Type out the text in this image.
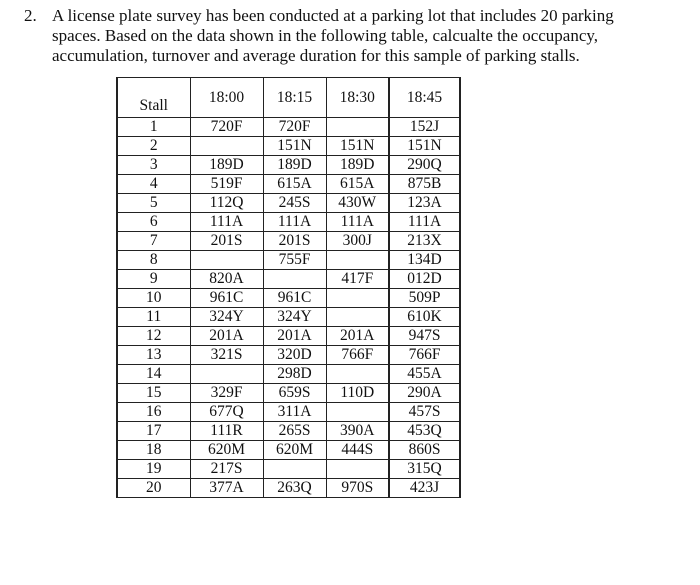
2. A license plate survey has been conducted at a parking lot that includes 20 parking spaces. Based on the data shown in the following table, calcualte the occupancy, accumulation, turnover and average duration for this sample of parking stalls.
Stall	18:00	18:15	18:30	18:45
1	720F	720F		152J
2		151N	151N	151N
3	189D	189D	189D	290Q
4	519F	615A	615A	875B
5	112Q	245S	430W	123A
6	111A	111A	111A	111A
7	201S	201S	300J	213X
8		755F		134D
9	820A		417F	012D
10	961C	961C		509P
11	324Y	324Y		610K
12	201A	201A	201A	947S
13	321S	320D	766F	766F
14		298D		455A
15	329F	659S	110D	290A
16	677Q	311A		457S
17	111R	265S	390A	453Q
18	620M	620M	444S	860S
19	217S			315Q
20	377A	263Q	970S	423J
